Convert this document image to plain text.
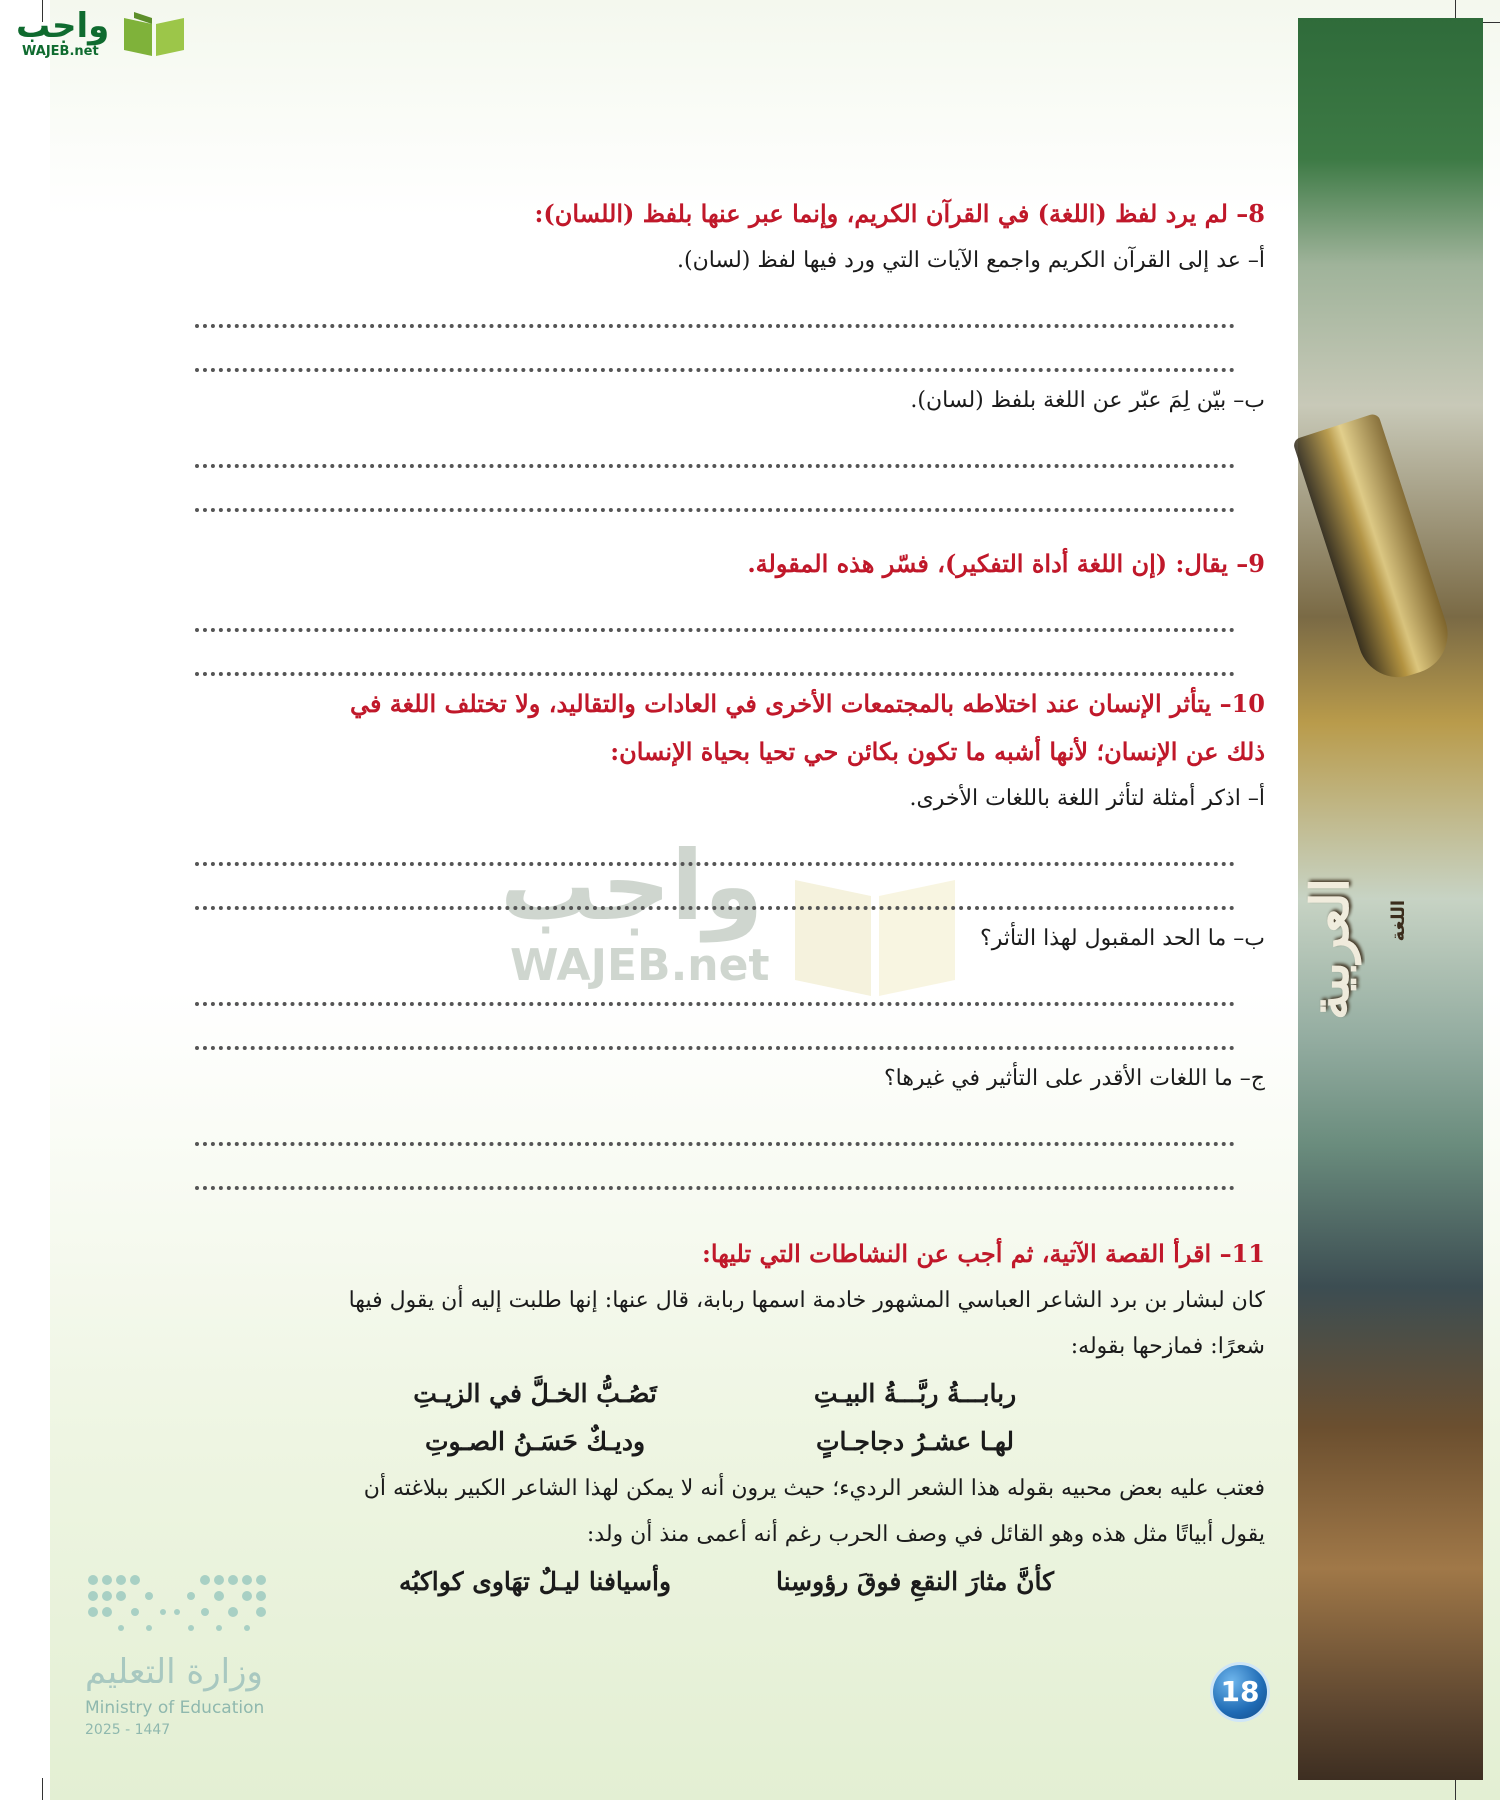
العربية	اللغة
واجب
WAJEB.net
واجب
WAJEB.net
8– لم يرد لفظ (اللغة) في القرآن الكريم، وإنما عبر عنها بلفظ (اللسان):
أ– عد إلى القرآن الكريم واجمع الآيات التي ورد فيها لفظ (لسان).
ب– بيّن لِمَ عبّر عن اللغة بلفظ (لسان).
9– يقال: (إن اللغة أداة التفكير)، فسّر هذه المقولة.
10– يتأثر الإنسان عند اختلاطه بالمجتمعات الأخرى في العادات والتقاليد، ولا تختلف اللغة في
ذلك عن الإنسان؛ لأنها أشبه ما تكون بكائن حي تحيا بحياة الإنسان:
أ– اذكر أمثلة لتأثر اللغة باللغات الأخرى.
ب– ما الحد المقبول لهذا التأثر؟
ج– ما اللغات الأقدر على التأثير في غيرها؟
11– اقرأ القصة الآتية، ثم أجب عن النشاطات التي تليها:
كان لبشار بن برد الشاعر العباسي المشهور خادمة اسمها ربابة، قال عنها: إنها طلبت إليه أن يقول فيها
شعرًا: فمازحها بقوله:
ربابـــةُ ربَّـــةُ البيـتِ
تَصُـبُّ الخـلَّ في الزيـتِ
لهـا عشـرُ دجاجـاتٍ
وديـكٌ حَسَـنُ الصـوتِ
فعتب عليه بعض محبيه بقوله هذا الشعر الرديء؛ حيث يرون أنه لا يمكن لهذا الشاعر الكبير ببلاغته أن
يقول أبياتًا مثل هذه وهو القائل في وصف الحرب رغم أنه أعمى منذ أن ولد:
كأنَّ مثارَ النقعِ فوقَ رؤوسِنا
وأسيافنا ليـلٌ تهَاوى كواكبُه
وزارة التعليم
Ministry of Education
2025 - 1447
18
